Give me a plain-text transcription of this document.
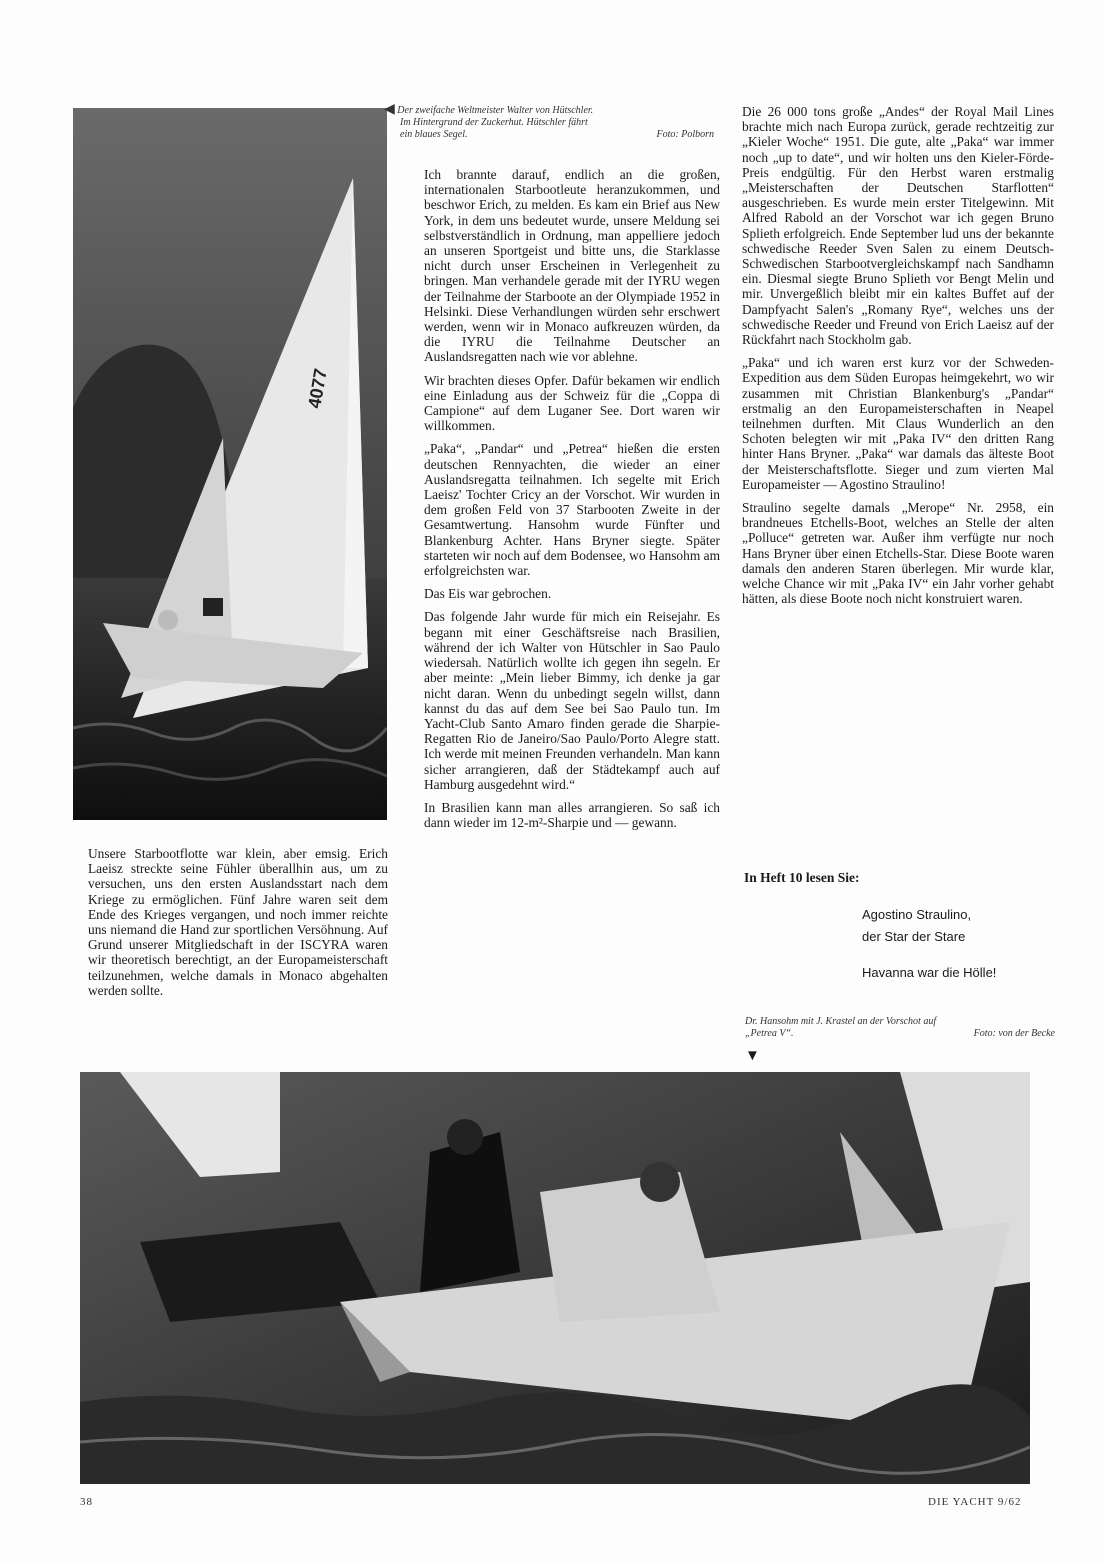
4077
◀ Der zweifache Weltmeister Walter von Hütschler.
Im Hintergrund der Zuckerhut. Hütschler fährt
ein blaues Segel.	Foto: Polborn

Unsere Starbootflotte war klein, aber emsig. Erich Laeisz streckte seine Fühler überallhin aus, um zu versuchen, uns den ersten Auslandsstart nach dem Kriege zu ermöglichen. Fünf Jahre waren seit dem Ende des Krieges vergangen, und noch immer reichte uns niemand die Hand zur sportlichen Versöhnung. Auf Grund unserer Mitgliedschaft in der ISCYRA waren wir theoretisch berechtigt, an der Europameisterschaft teilzunehmen, welche damals in Monaco abgehalten werden sollte.

Ich brannte darauf, endlich an die großen, internationalen Starbootleute heranzukommen, und beschwor Erich, zu melden. Es kam ein Brief aus New York, in dem uns bedeutet wurde, unsere Meldung sei selbstverständlich in Ordnung, man appelliere jedoch an unseren Sportgeist und bitte uns, die Starklasse nicht durch unser Erscheinen in Verlegenheit zu bringen. Man verhandele gerade mit der IYRU wegen der Teilnahme der Starboote an der Olympiade 1952 in Helsinki. Diese Verhandlungen würden sehr erschwert werden, wenn wir in Monaco aufkreuzen würden, da die IYRU die Teilnahme Deutscher an Auslandsregatten nach wie vor ablehne.

Wir brachten dieses Opfer. Dafür bekamen wir endlich eine Einladung aus der Schweiz für die „Coppa di Campione“ auf dem Luganer See. Dort waren wir willkommen.

„Paka“, „Pandar“ und „Petrea“ hießen die ersten deutschen Rennyachten, die wieder an einer Auslandsregatta teilnahmen. Ich segelte mit Erich Laeisz' Tochter Cricy an der Vorschot. Wir wurden in dem großen Feld von 37 Starbooten Zweite in der Gesamtwertung. Hansohm wurde Fünfter und Blankenburg Achter. Hans Bryner siegte. Später starteten wir noch auf dem Bodensee, wo Hansohm am erfolgreichsten war.

Das Eis war gebrochen.

Das folgende Jahr wurde für mich ein Reisejahr. Es begann mit einer Geschäftsreise nach Brasilien, während der ich Walter von Hütschler in Sao Paulo wiedersah. Natürlich wollte ich gegen ihn segeln. Er aber meinte: „Mein lieber Bimmy, ich denke ja gar nicht daran. Wenn du unbedingt segeln willst, dann kannst du das auf dem See bei Sao Paulo tun. Im Yacht-Club Santo Amaro finden gerade die Sharpie-Regatten Rio de Janeiro/Sao Paulo/Porto Alegre statt. Ich werde mit meinen Freunden verhandeln. Man kann sicher arrangieren, daß der Städtekampf auch auf Hamburg ausgedehnt wird.“

In Brasilien kann man alles arrangieren. So saß ich dann wieder im 12-m²-Sharpie und — gewann.

Die 26 000 tons große „Andes“ der Royal Mail Lines brachte mich nach Europa zurück, gerade rechtzeitig zur „Kieler Woche“ 1951. Die gute, alte „Paka“ war immer noch „up to date“, und wir holten uns den Kieler-Förde-Preis endgültig. Für den Herbst waren erstmalig „Meisterschaften der Deutschen Starflotten“ ausgeschrieben. Es wurde mein erster Titelgewinn. Mit Alfred Rabold an der Vorschot war ich gegen Bruno Splieth erfolgreich. Ende September lud uns der bekannte schwedische Reeder Sven Salen zu einem Deutsch-Schwedischen Starbootvergleichskampf nach Sandhamn ein. Diesmal siegte Bruno Splieth vor Bengt Melin und mir. Unvergeßlich bleibt mir ein kaltes Buffet auf der Dampfyacht Salen's „Romany Rye“, welches uns der schwedische Reeder und Freund von Erich Laeisz auf der Rückfahrt nach Stockholm gab.

„Paka“ und ich waren erst kurz vor der Schweden-Expedition aus dem Süden Europas heimgekehrt, wo wir zusammen mit Christian Blankenburg's „Pandar“ erstmalig an den Europameisterschaften in Neapel teilnehmen durften. Mit Claus Wunderlich an den Schoten belegten wir mit „Paka IV“ den dritten Rang hinter Hans Bryner. „Paka“ war damals das älteste Boot der Meisterschaftsflotte. Sieger und zum vierten Mal Europameister — Agostino Straulino!

Straulino segelte damals „Merope“ Nr. 2958, ein brandneues Etchells-Boot, welches an Stelle der alten „Polluce“ getreten war. Außer ihm verfügte nur noch Hans Bryner über einen Etchells-Star. Diese Boote waren damals den anderen Staren überlegen. Mir wurde klar, welche Chance wir mit „Paka IV“ ein Jahr vorher gehabt hätten, als diese Boote noch nicht konstruiert waren.

In Heft 10 lesen Sie:
Agostino Straulino,
der Star der Stare
Havanna war die Hölle!
Dr. Hansohm mit J. Krastel an der Vorschot auf
„Petrea V“.	Foto: von der Becke
▼
38	DIE YACHT 9/62
